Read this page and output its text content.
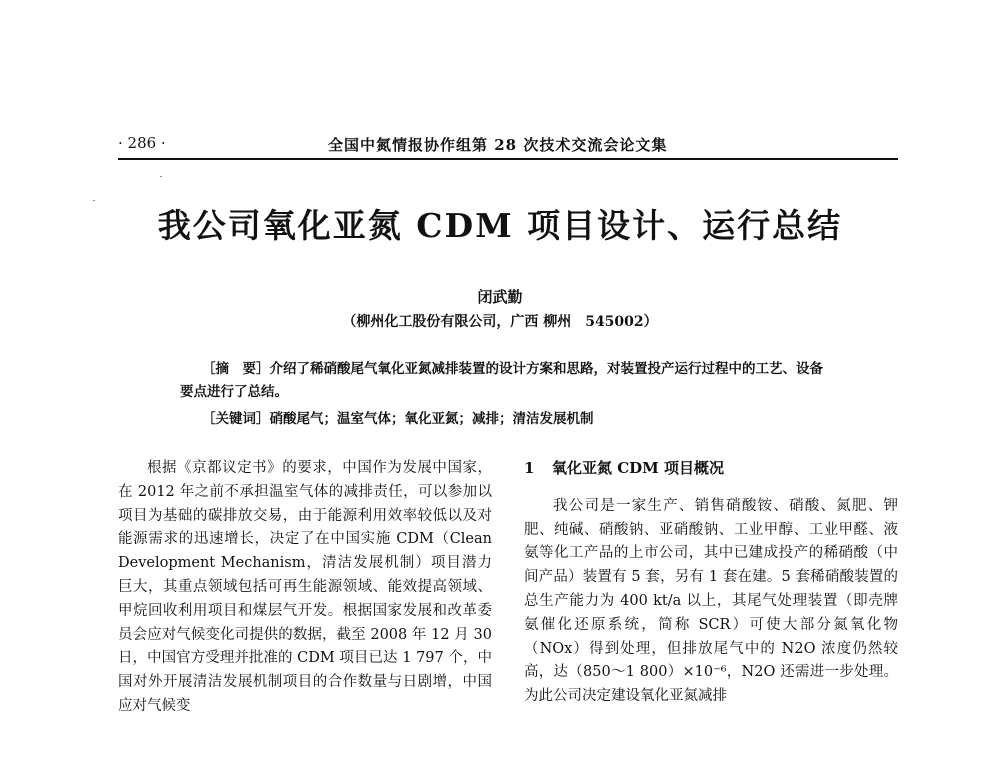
· 286 ·	全国中氮情报协作组第 28 次技术交流会论文集
我公司氧化亚氮 CDM 项目设计、运行总结
闭武勤
（柳州化工股份有限公司，广西 柳州　545002）

［摘　要］介绍了稀硝酸尾气氧化亚氮减排装置的设计方案和思路，对装置投产运行过程中的工艺、设备要点进行了总结。

［关键词］硝酸尾气；温室气体；氧化亚氮；减排；清洁发展机制

根据《京都议定书》的要求，中国作为发展中国家，在 2012 年之前不承担温室气体的减排责任，可以参加以项目为基础的碳排放交易，由于能源利用效率较低以及对能源需求的迅速增长，决定了在中国实施 CDM（Clean Development Mechanism，清洁发展机制）项目潜力巨大，其重点领域包括可再生能源领域、能效提高领域、甲烷回收利用项目和煤层气开发。根据国家发展和改革委员会应对气候变化司提供的数据，截至 2008 年 12 月 30 日，中国官方受理并批准的 CDM 项目已达 1 797 个，中国对外开展清洁发展机制项目的合作数量与日剧增，中国应对气候变

1 氧化亚氮 CDM 项目概况

我公司是一家生产、销售硝酸铵、硝酸、氮肥、钾肥、纯碱、硝酸钠、亚硝酸钠、工业甲醇、工业甲醛、液氨等化工产品的上市公司，其中已建成投产的稀硝酸（中间产品）装置有 5 套，另有 1 套在建。5 套稀硝酸装置的总生产能力为 400 kt/a 以上，其尾气处理装置（即壳牌氨催化还原系统，简称 SCR）可使大部分氮氧化物（NOx）得到处理，但排放尾气中的 N2O 浓度仍然较高，达（850～1 800）×10⁻⁶，N2O 还需进一步处理。为此公司决定建设氧化亚氮减排
